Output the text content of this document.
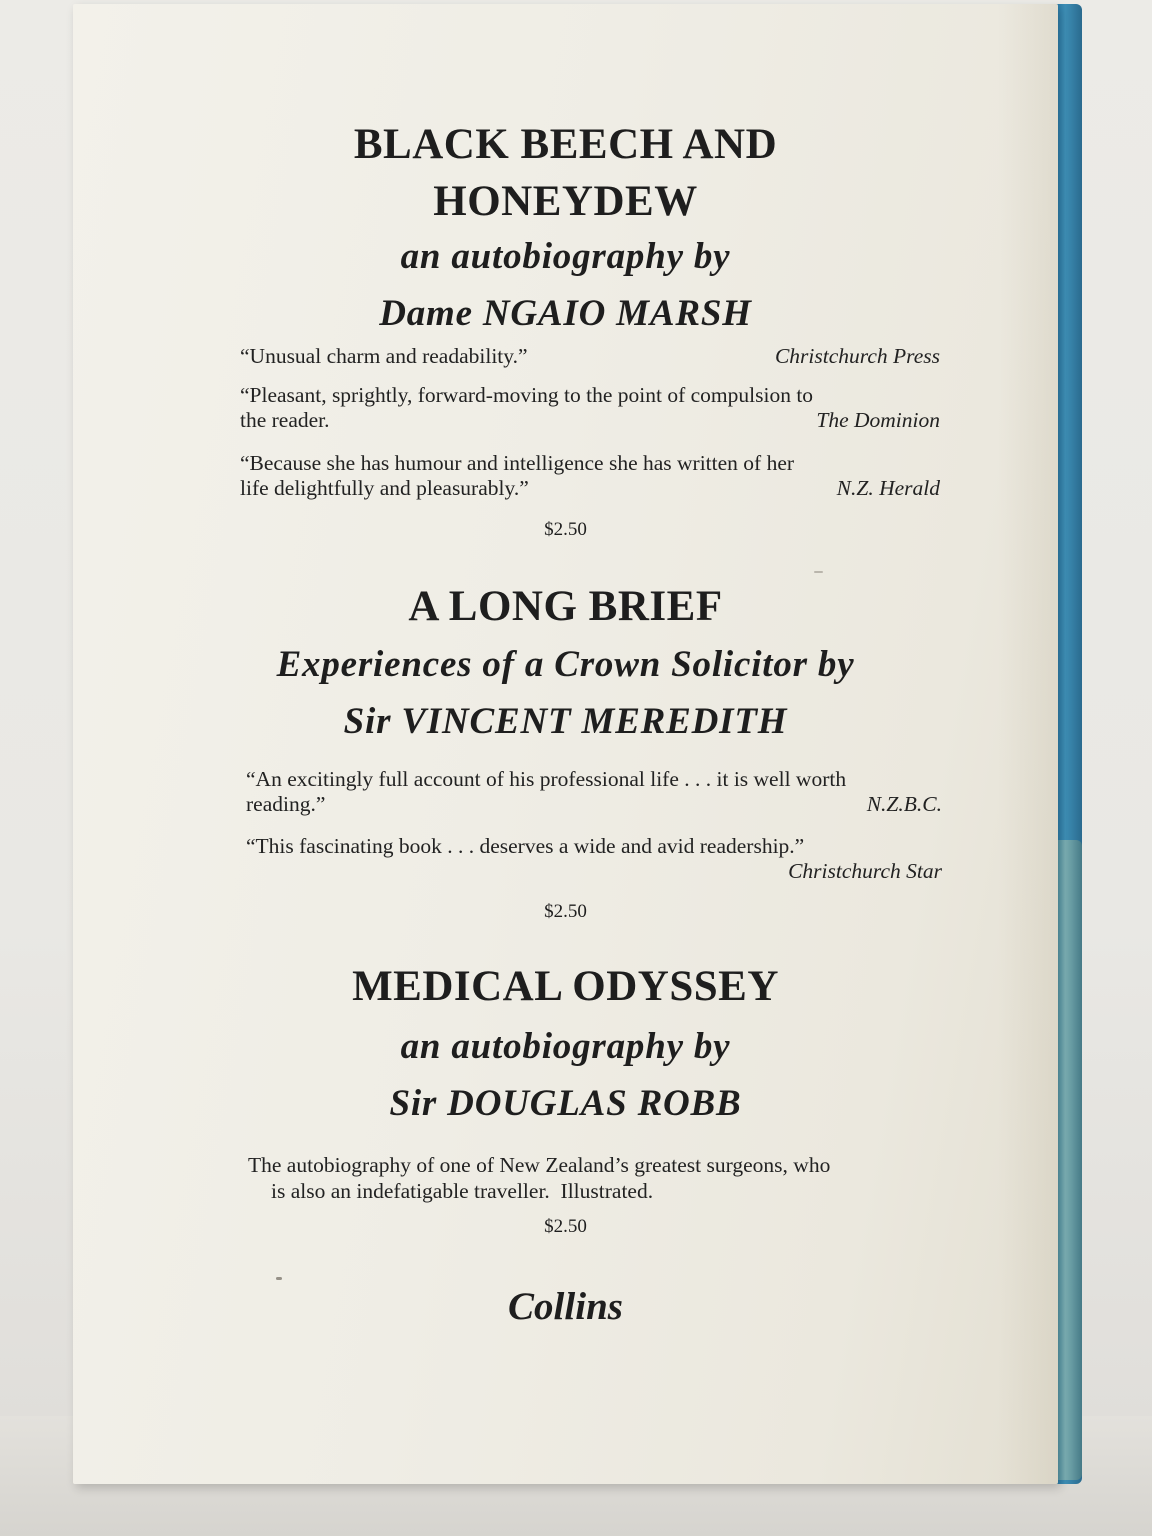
BLACK BEECH AND
HONEYDEW
an autobiography by
Dame NGAIO MARSH
“Unusual charm and readability.”	Christchurch Press
“Pleasant, sprightly, forward-moving to the point of compulsion to
the reader.	The Dominion
“Because she has humour and intelligence she has written of her
life delightfully and pleasurably.”	N.Z. Herald
$2.50
A LONG BRIEF
Experiences of a Crown Solicitor by
Sir VINCENT MEREDITH
“An excitingly full account of his professional life . . . it is well worth
reading.”	N.Z.B.C.
“This fascinating book . . . deserves a wide and avid readership.”
Christchurch Star
$2.50
MEDICAL ODYSSEY
an autobiography by
Sir DOUGLAS ROBB
The autobiography of one of New Zealand’s greatest surgeons, who
is also an indefatigable traveller.  Illustrated.
$2.50
Collins
